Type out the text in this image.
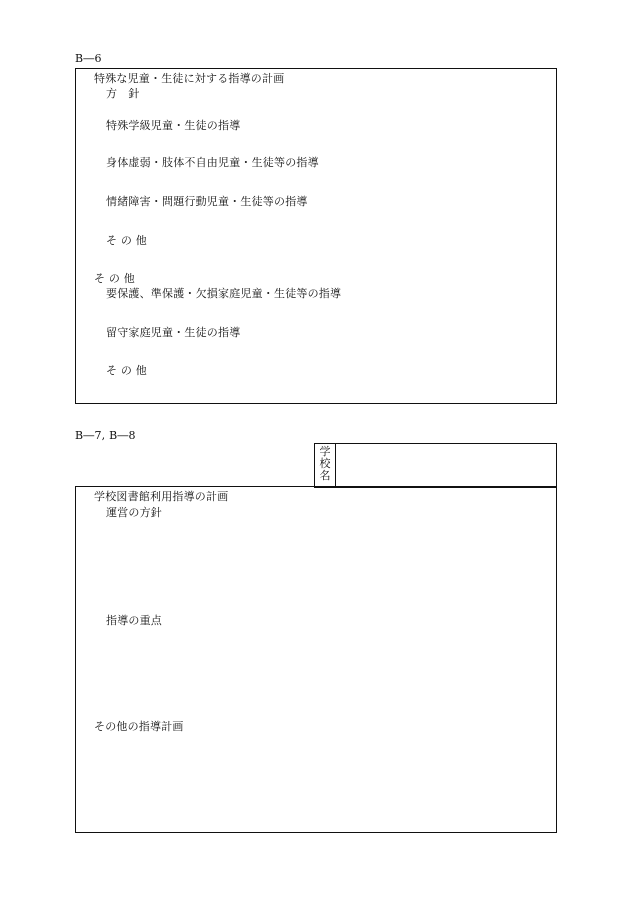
B―6
特殊な児童・生徒に対する指導の計画
方　針
特殊学級児童・生徒の指導
身体虚弱・肢体不自由児童・生徒等の指導
情緒障害・問題行動児童・生徒等の指導
そ の 他
そ の 他
要保護、準保護・欠損家庭児童・生徒等の指導
留守家庭児童・生徒の指導
そ の 他
B―7, B―8
学
校
名
学校図書館利用指導の計画
運営の方針
指導の重点
その他の指導計画
